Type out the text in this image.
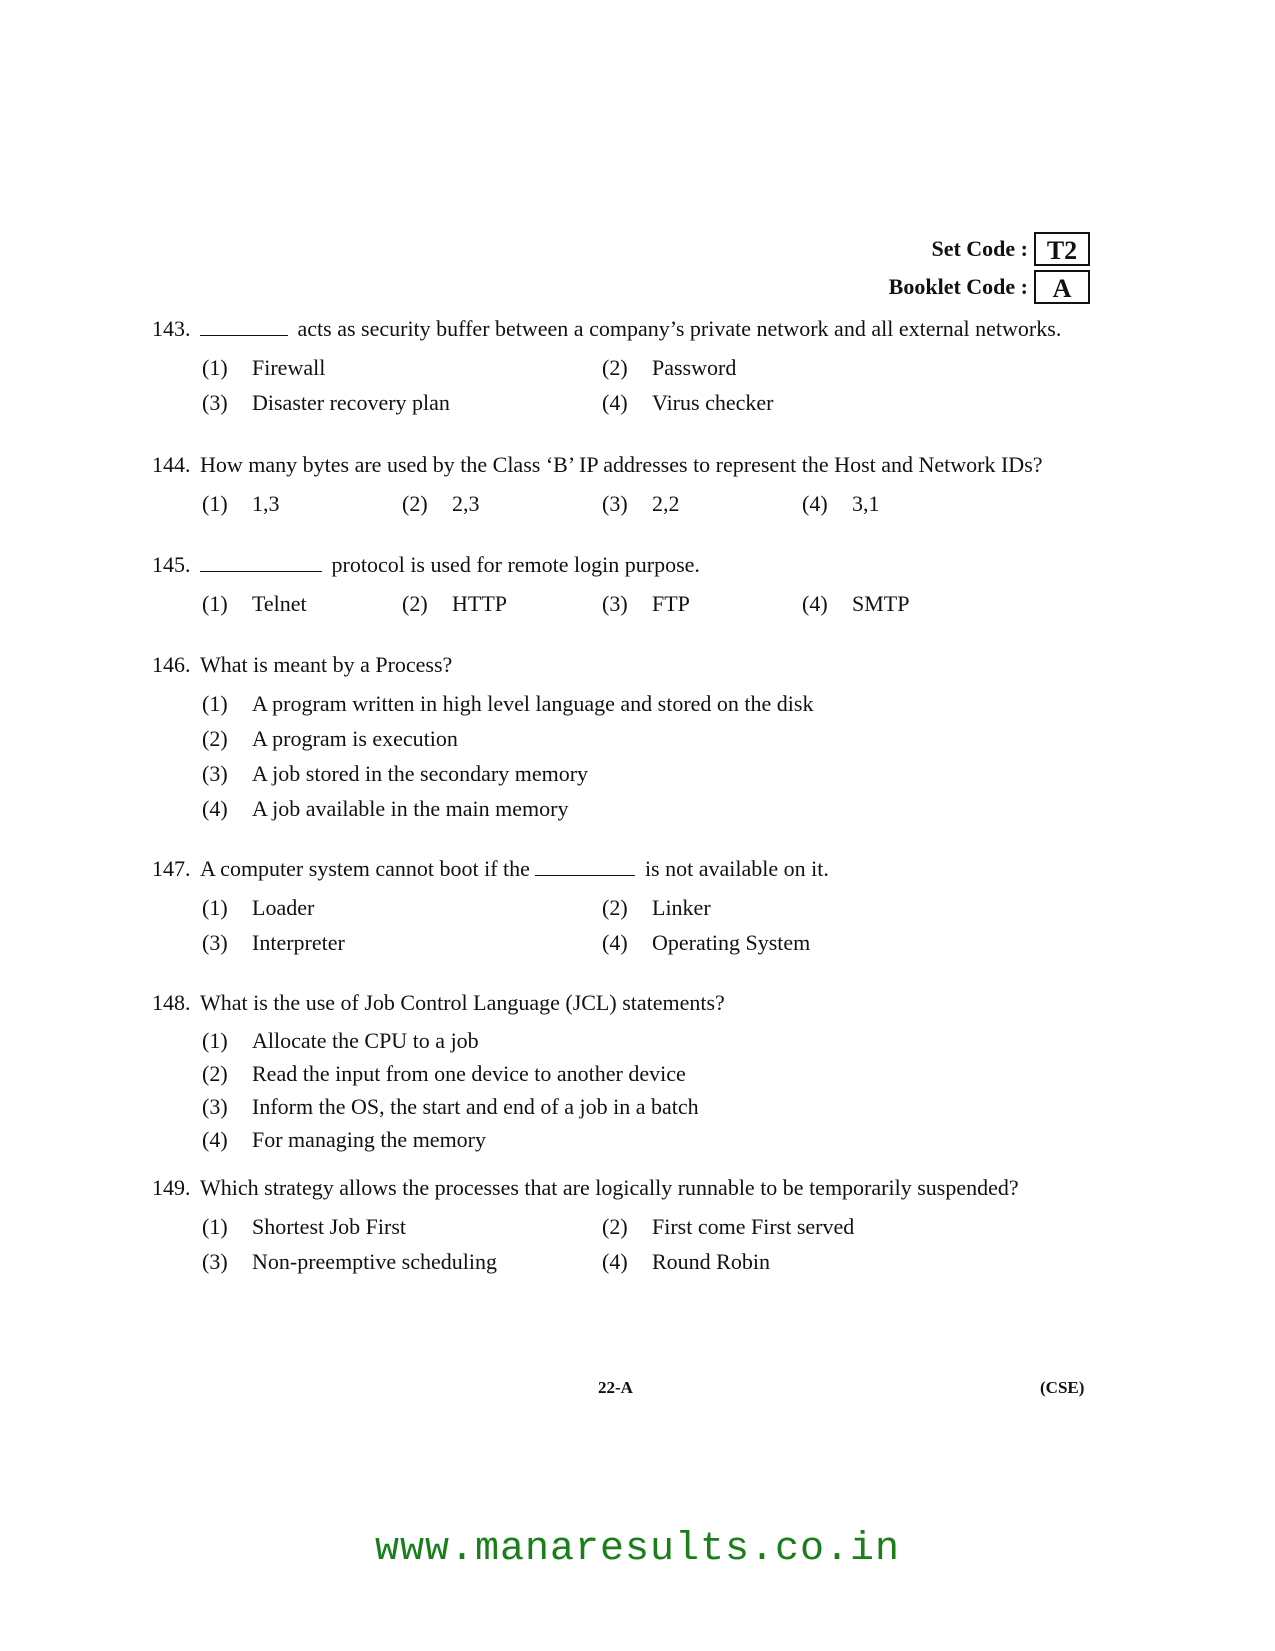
Set Code : T2
Booklet Code : A
143.	acts as security buffer between a company’s private network and all external networks.
(1)	Firewall	(2)	Password
(3)	Disaster recovery plan	(4)	Virus checker
144. How many bytes are used by the Class ‘B’ IP addresses to represent the Host and Network IDs?
(1)	1,3	(2)	2,3	(3)	2,2	(4)	3,1
145.	protocol is used for remote login purpose.
(1)	Telnet	(2)	HTTP	(3)	FTP	(4)	SMTP
146. What is meant by a Process?
(1)	A program written in high level language and stored on the disk
(2)	A program is execution
(3)	A job stored in the secondary memory
(4)	A job available in the main memory
147. A computer system cannot boot if the	is not available on it.
(1)	Loader	(2)	Linker
(3)	Interpreter	(4)	Operating System
148. What is the use of Job Control Language (JCL) statements?
(1)	Allocate the CPU to a job
(2)	Read the input from one device to another device
(3)	Inform the OS, the start and end of a job in a batch
(4)	For managing the memory
149. Which strategy allows the processes that are logically runnable to be temporarily suspended?
(1)	Shortest Job First	(2)	First come First served
(3)	Non-preemptive scheduling	(4)	Round Robin
22-A	(CSE)
www.manaresults.co.in
